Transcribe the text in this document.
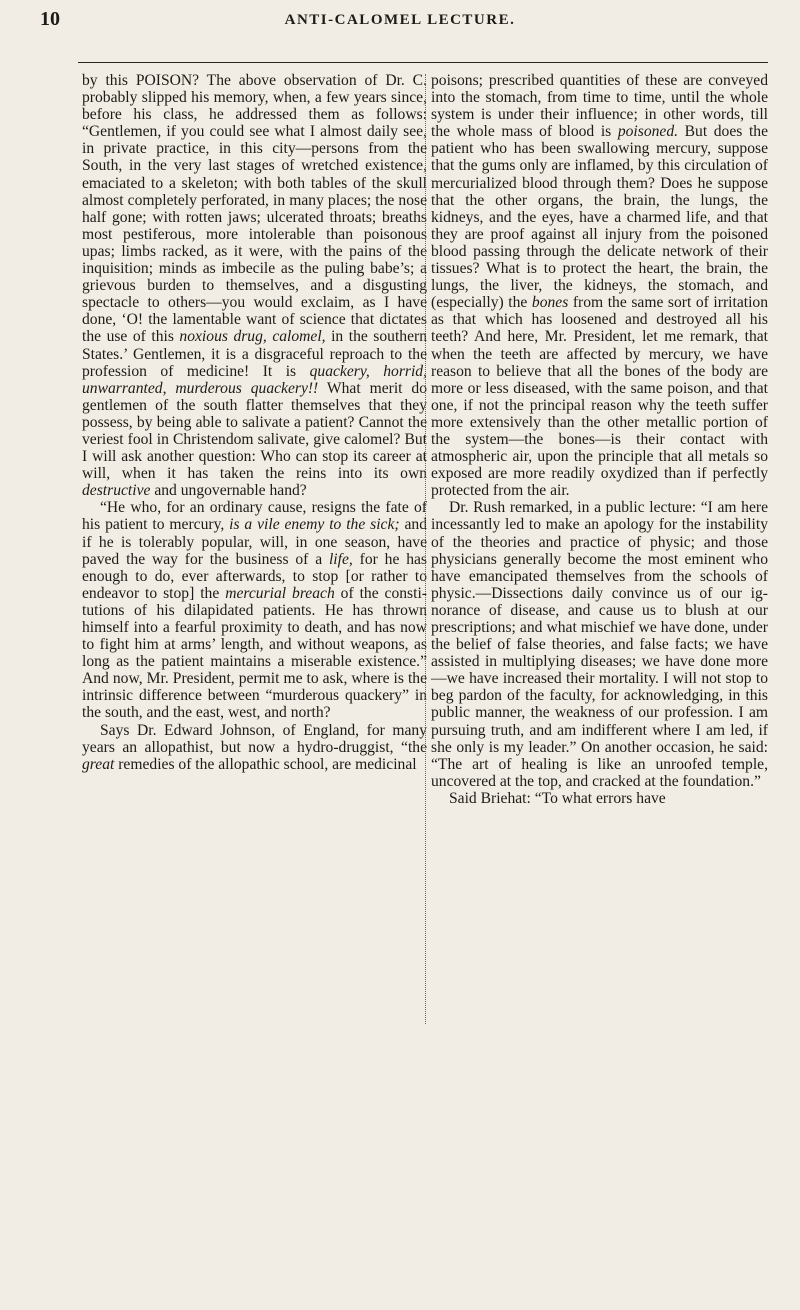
10	ANTI-CALOMEL LECTURE.

by this POISON? The above observation of Dr. C. probably slipped his memory, when, a few years since, before his class, he addressed them as follows: “Gentlemen, if you could see what I almost daily see, in private practice, in this city—persons from the South, in the very last stages of wretched existence, emaciated to a skeleton; with both tables of the skull almost completely perforated, in many places; the nose half gone; with rotten jaws; ulcerated throats; breaths most pestiferous, more intolerable than poisonous upas; limbs racked, as it were, with the pains of the inquisition; minds as imbecile as the puling babe’s; a grievous burden to themselves, and a disgusting spectacle to others—you would exclaim, as I have done, ‘O! the lamentable want of science that dictates the use of this noxious drug, calomel, in the southern States.’ Gentlemen, it is a disgraceful reproach to the profession of medicine! It is quackery, horrid, unwarranted, murderous quackery!! What merit do gentlemen of the south flatter themselves that they possess, by being able to salivate a patient? Cannot the veriest fool in Christendom salivate, give calomel? But I will ask another question: Who can stop its career at will, when it has taken the reins into its own destructive and ungovernable hand?

“He who, for an ordinary cause, resigns the fate of his patient to mercury, is a vile enemy to the sick; and if he is tolerably popular, will, in one season, have paved the way for the business of a life, for he has enough to do, ever afterwards, to stop [or rather to endeavor to stop] the mercurial breach of the constitutions of his dilapidated patients. He has thrown himself into a fearful proximity to death, and has now to fight him at arms’ length, and without weapons, as long as the patient maintains a miserable existence.” And now, Mr. President, permit me to ask, where is the intrinsic difference between “murderous quackery” in the south, and the east, west, and north?

Says Dr. Edward Johnson, of England, for many years an allopathist, but now a hydro-druggist, “the great remedies of the allopathic school, are medicinal

poisons; prescribed quantities of these are conveyed into the stomach, from time to time, until the whole system is under their influence; in other words, till the whole mass of blood is poisoned. But does the patient who has been swallowing mercury, suppose that the gums only are inflamed, by this circulation of mercurialized blood through them? Does he suppose that the other organs, the brain, the lungs, the kidneys, and the eyes, have a charmed life, and that they are proof against all injury from the poisoned blood passing through the delicate network of their tissues? What is to protect the heart, the brain, the lungs, the liver, the kidneys, the stomach, and (especially) the bones from the same sort of irritation as that which has loosened and destroyed all his teeth? And here, Mr. President, let me remark, that when the teeth are affected by mercury, we have reason to believe that all the bones of the body are more or less diseased, with the same poison, and that one, if not the principal reason why the teeth suffer more extensively than the other metallic portion of the system—the bones—is their contact with atmospheric air, upon the principle that all metals so exposed are more readily oxydized than if perfectly protected from the air.

Dr. Rush remarked, in a public lecture: “I am here incessantly led to make an apology for the instability of the theories and practice of physic; and those physicians generally become the most eminent who have emancipated themselves from the schools of physic.—Dissections daily convince us of our ignorance of disease, and cause us to blush at our prescriptions; and what mischief we have done, under the belief of false theories, and false facts; we have assisted in multiplying diseases; we have done more—we have increased their mortality. I will not stop to beg pardon of the faculty, for acknowledging, in this public manner, the weakness of our profession. I am pursuing truth, and am indifferent where I am led, if she only is my leader.” On another occasion, he said: “The art of healing is like an unroofed temple, uncovered at the top, and cracked at the foundation.”

Said Briehat: “To what errors have
